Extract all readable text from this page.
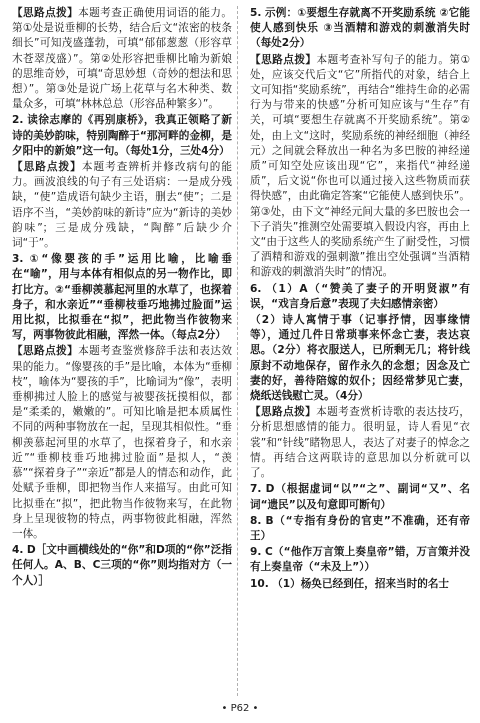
【思路点拨】本题考查正确使用词语的能力。第①处是说垂柳的长势，结合后文“浓密的枝条细长”可知茂盛蓬勃，可填“郁郁葱葱（形容草木苍翠茂盛）”。第②处形容把垂柳比喻为新娘的思维奇妙，可填“奇思妙想（奇妙的想法和思想）”。第③处是说广场上花草与名木种类、数量众多，可填“林林总总（形容品种繁多）”。

2. 读徐志摩的《再别康桥》，我真正领略了新诗的美妙韵味，特别陶醉于“那河畔的金柳，是夕阳中的新娘”这一句。（每处1分，三处4分）

【思路点拨】本题考查辨析并修改病句的能力。画波浪线的句子有三处语病：一是成分残缺，“使”造成语句缺少主语，删去“使”；二是语序不当，“美妙韵味的新诗”应为“新诗的美妙韵味”；三是成分残缺，“陶醉”后缺少介词“于”。

3. ①“像婴孩的手”运用比喻，比喻垂在“喻”，用与本体有相似点的另一物作比，即打比方。②“垂柳羡慕起河里的水草了，也探着身子，和水亲近”“垂柳枝垂巧地拂过脸面”运用比拟，比拟垂在“拟”，把此物当作彼物来写，两事物彼此相融，浑然一体。（每点2分）

【思路点拨】本题考查鉴赏修辞手法和表达效果的能力。“像婴孩的手”是比喻，本体为“垂柳枝”，喻体为“婴孩的手”，比喻词为“像”，表明垂柳拂过人脸上的感觉与被婴孩抚摸相似，都是“柔柔的，嫩嫩的”。可知比喻是把本质属性不同的两种事物放在一起，呈现其相似性。“垂柳羡慕起河里的水草了，也探着身子，和水亲近”“垂柳枝垂巧地拂过脸面”是拟人，“羡慕”“探着身子”“亲近”都是人的情态和动作，此处赋予垂柳，即把物当作人来描写。由此可知比拟垂在“拟”，把此物当作彼物来写，在此物身上呈现彼物的特点，两事物彼此相融，浑然一体。

4. D［文中画横线处的“你”和D项的“你”泛指任何人。A、B、C三项的“你”则均指对方（一个人）］

5. 示例：①要想生存就离不开奖励系统 ②它能使人感到快乐 ③当酒精和游戏的刺激消失时（每处2分）

【思路点拨】本题考查补写句子的能力。第①处，应该交代后文“它”所指代的对象，结合上文可知指“奖励系统”，再结合“维持生命的必需行为与带来的快感”分析可知应该与“生存”有关，可填“要想生存就离不开奖励系统”。第②处，由上文“这时，奖励系统的神经细胞（神经元）之间就会释放出一种名为多巴胺的神经递质”可知空处应该出现“它”，来指代“神经递质”，后文说“你也可以通过接入这些物质而获得快感”，由此确定答案“它能使人感到快乐”。第③处，由下文“神经元间大量的多巴胺也会一下子消失”推测空处需要填入假设内容，再由上文“由于这些人的奖励系统产生了耐受性，习惯了酒精和游戏的强刺激”推出空处强调“当酒精和游戏的刺激消失时”的情况。

6. （1）A（“赞美了妻子的开明贤淑”有误，“戏言身后意”表现了夫妇感情亲密）

（2）诗人寓情于事（记事抒情，因事缘情等），通过几件日常琐事来怀念亡妻，表达哀思。（2分）将衣服送人，已所剩无几；将针线原封不动地保存，留作永久的念想；因念及亡妻的好，善待陪嫁的奴仆；因经常梦见亡妻，烧纸送钱慰亡灵。（4分）

【思路点拨】本题考查赏析诗歌的表达技巧，分析思想感情的能力。很明显，诗人看见“衣裳”和“针线”睹物思人，表达了对妻子的悼念之情。再结合这两联诗的意思加以分析就可以了。

7. D（根据虚词“以”“之”、副词“又”、名词“遗民”以及句意即可断句）

8. B（“专指有身份的官吏”不准确，还有帝王）

9. C（“他作万言策上奏皇帝”错，万言策并没有上奏皇帝（“未及上”））

10. （1）杨奂已经到任，招来当时的名士

• P62 •
